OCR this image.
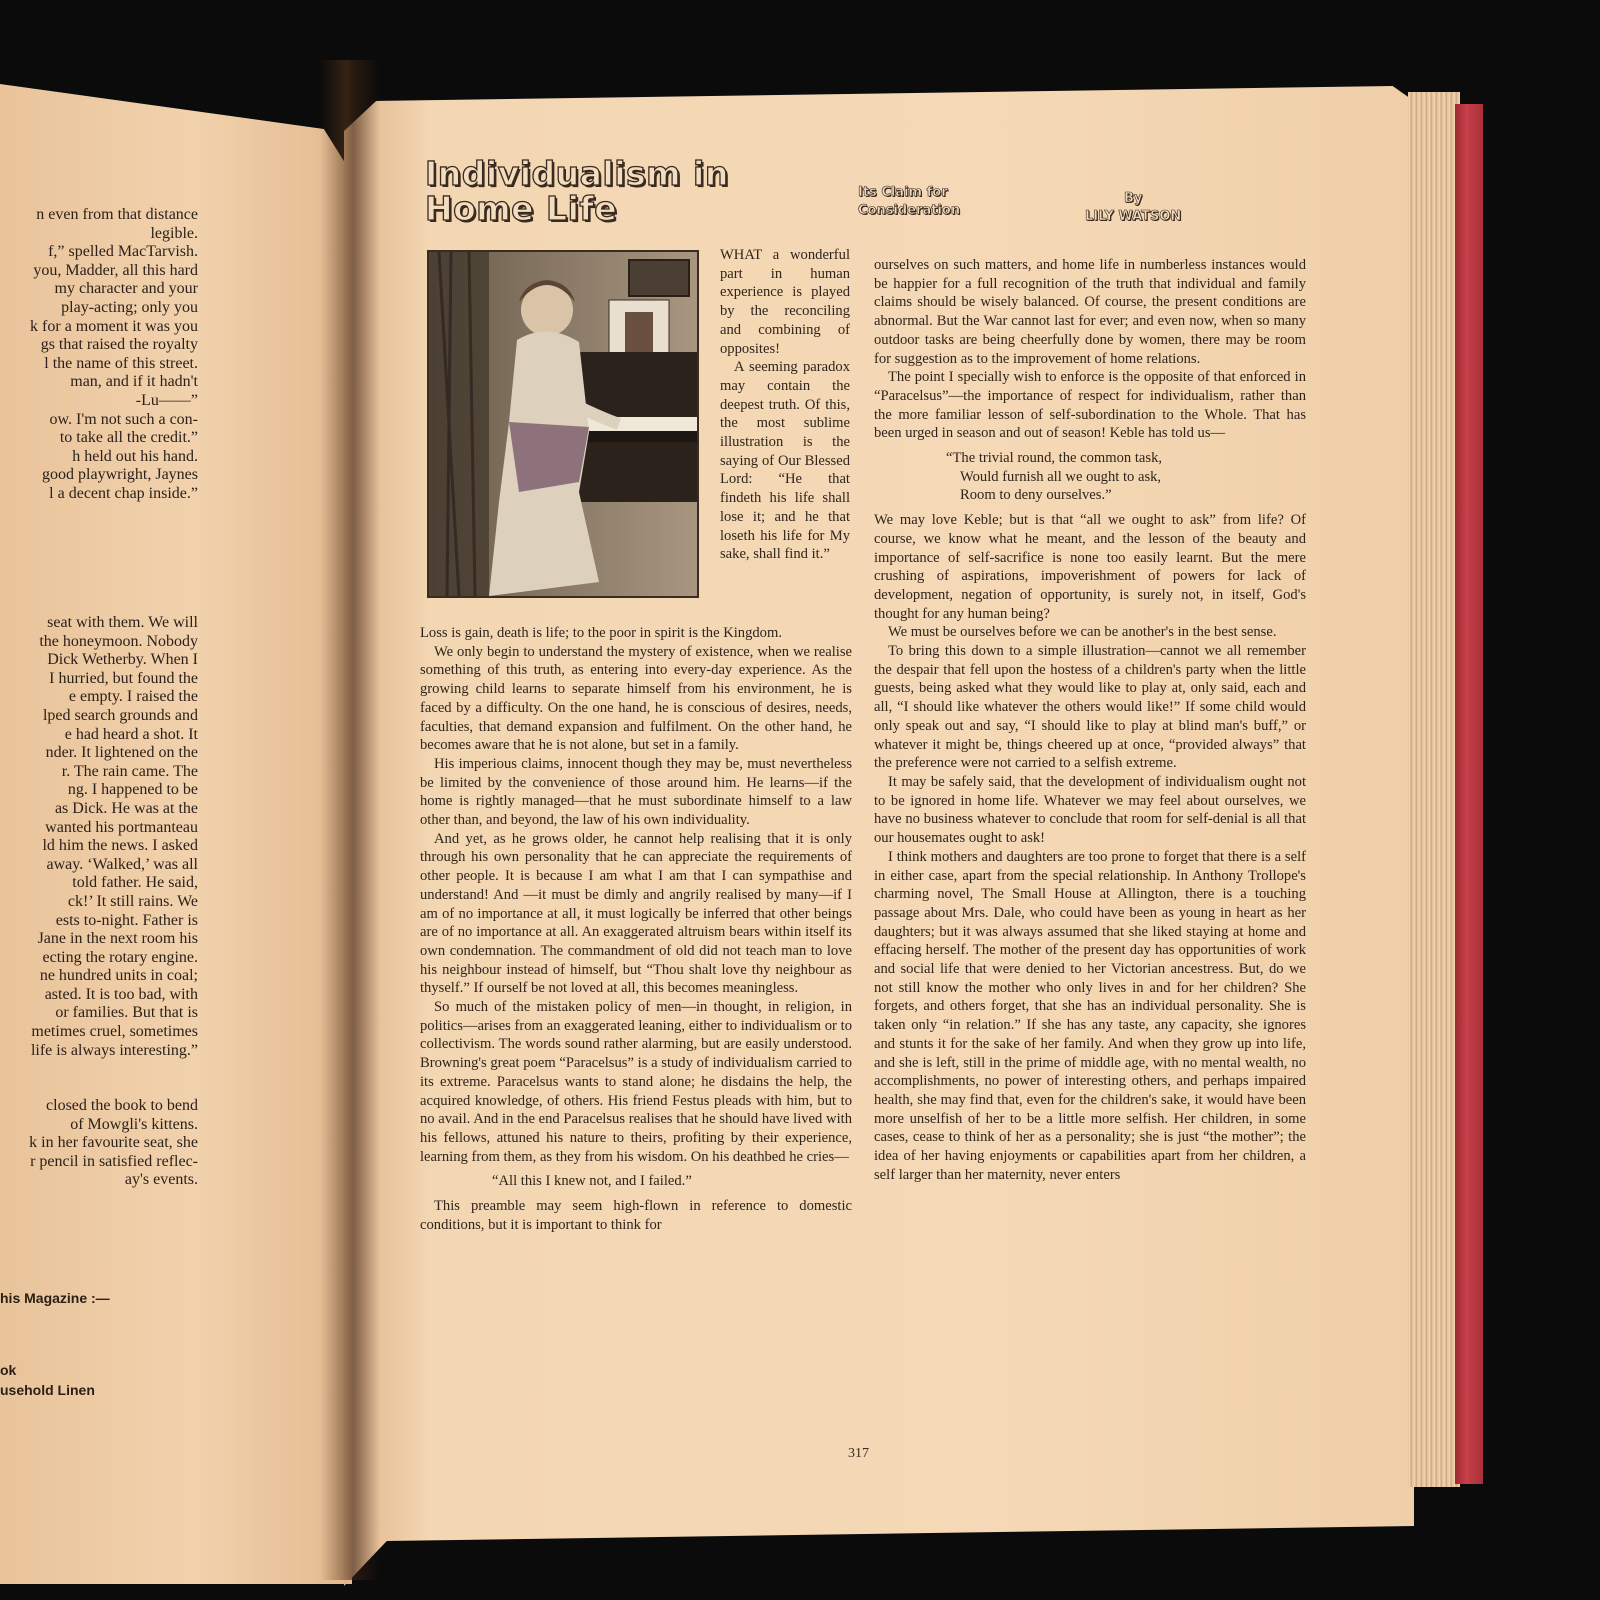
n even from that distance
legible.
f,” spelled MacTarvish.
you, Madder, all this hard
my character and your
play-acting; only you
k for a moment it was you
gs that raised the royalty
l the name of this street.
man, and if it hadn't
-Lu——”
ow. I'm not such a con-
to take all the credit.”
h held out his hand.
good playwright, Jaynes
l a decent chap inside.”
seat with them. We will
the honeymoon. Nobody
Dick Wetherby. When I
I hurried, but found the
e empty. I raised the
lped search grounds and
e had heard a shot. It
nder. It lightened on the
r. The rain came. The
ng. I happened to be
as Dick. He was at the
wanted his portmanteau
ld him the news. I asked
away. ‘Walked,’ was all
told father. He said,
ck!’ It still rains. We
ests to-night. Father is
Jane in the next room his
ecting the rotary engine.
ne hundred units in coal;
asted. It is too bad, with
or families. But that is
metimes cruel, sometimes
life is always interesting.”
closed the book to bend
of Mowgli's kittens.
k in her favourite seat, she
r pencil in satisfied reflec-
ay's events.
his Magazine :—
ok
usehold Linen
Individualism in
Home Life	Its Claim for
Consideration
By
LILY WATSON

WHAT a wonderful part in human experience is played by the reconciling and combining of opposites!

A seeming paradox may contain the deepest truth. Of this, the most sublime illustration is the saying of Our Blessed Lord: “He that findeth his life shall lose it; and he that loseth his life for My sake, shall find it.”

Loss is gain, death is life; to the poor in spirit is the Kingdom.

We only begin to understand the mystery of existence, when we realise something of this truth, as entering into every-day experience. As the growing child learns to separate himself from his environment, he is faced by a difficulty. On the one hand, he is conscious of desires, needs, faculties, that demand expansion and fulfilment. On the other hand, he becomes aware that he is not alone, but set in a family.

His imperious claims, innocent though they may be, must nevertheless be limited by the convenience of those around him. He learns—if the home is rightly managed—that he must subordinate himself to a law other than, and beyond, the law of his own individuality.

And yet, as he grows older, he cannot help realising that it is only through his own personality that he can appreciate the requirements of other people. It is because I am what I am that I can sympathise and understand! And —it must be dimly and angrily realised by many—if I am of no importance at all, it must logically be inferred that other beings are of no importance at all. An exaggerated altruism bears within itself its own condemnation. The commandment of old did not teach man to love his neighbour instead of himself, but “Thou shalt love thy neighbour as thyself.” If ourself be not loved at all, this becomes meaningless.

So much of the mistaken policy of men—in thought, in religion, in politics—arises from an exaggerated leaning, either to individualism or to collectivism. The words sound rather alarming, but are easily understood. Browning's great poem “Paracelsus” is a study of individualism carried to its extreme. Paracelsus wants to stand alone; he disdains the help, the acquired knowledge, of others. His friend Festus pleads with him, but to no avail. And in the end Paracelsus realises that he should have lived with his fellows, attuned his nature to theirs, profiting by their experience, learning from them, as they from his wisdom. On his deathbed he cries—

“All this I knew not, and I failed.”

This preamble may seem high-flown in reference to domestic conditions, but it is important to think for

ourselves on such matters, and home life in numberless instances would be happier for a full recognition of the truth that individual and family claims should be wisely balanced. Of course, the present conditions are abnormal. But the War cannot last for ever; and even now, when so many outdoor tasks are being cheerfully done by women, there may be room for suggestion as to the improvement of home relations.

The point I specially wish to enforce is the opposite of that enforced in “Paracelsus”—the importance of respect for individualism, rather than the more familiar lesson of self-subordination to the Whole. That has been urged in season and out of season! Keble has told us—

“The trivial round, the common task,
Would furnish all we ought to ask,
Room to deny ourselves.”

We may love Keble; but is that “all we ought to ask” from life? Of course, we know what he meant, and the lesson of the beauty and importance of self-sacrifice is none too easily learnt. But the mere crushing of aspirations, impoverishment of powers for lack of development, negation of opportunity, is surely not, in itself, God's thought for any human being?

We must be ourselves before we can be another's in the best sense.

To bring this down to a simple illustration—cannot we all remember the despair that fell upon the hostess of a children's party when the little guests, being asked what they would like to play at, only said, each and all, “I should like whatever the others would like!” If some child would only speak out and say, “I should like to play at blind man's buff,” or whatever it might be, things cheered up at once, “provided always” that the preference were not carried to a selfish extreme.

It may be safely said, that the development of individualism ought not to be ignored in home life. Whatever we may feel about ourselves, we have no business whatever to conclude that room for self-denial is all that our housemates ought to ask!

I think mothers and daughters are too prone to forget that there is a self in either case, apart from the special relationship. In Anthony Trollope's charming novel, The Small House at Allington, there is a touching passage about Mrs. Dale, who could have been as young in heart as her daughters; but it was always assumed that she liked staying at home and effacing herself. The mother of the present day has opportunities of work and social life that were denied to her Victorian ancestress. But, do we not still know the mother who only lives in and for her children? She forgets, and others forget, that she has an individual personality. She is taken only “in relation.” If she has any taste, any capacity, she ignores and stunts it for the sake of her family. And when they grow up into life, and she is left, still in the prime of middle age, with no mental wealth, no accomplishments, no power of interesting others, and perhaps impaired health, she may find that, even for the children's sake, it would have been more unselfish of her to be a little more selfish. Her children, in some cases, cease to think of her as a personality; she is just “the mother”; the idea of her having enjoyments or capabilities apart from her children, a self larger than her maternity, never enters

317
